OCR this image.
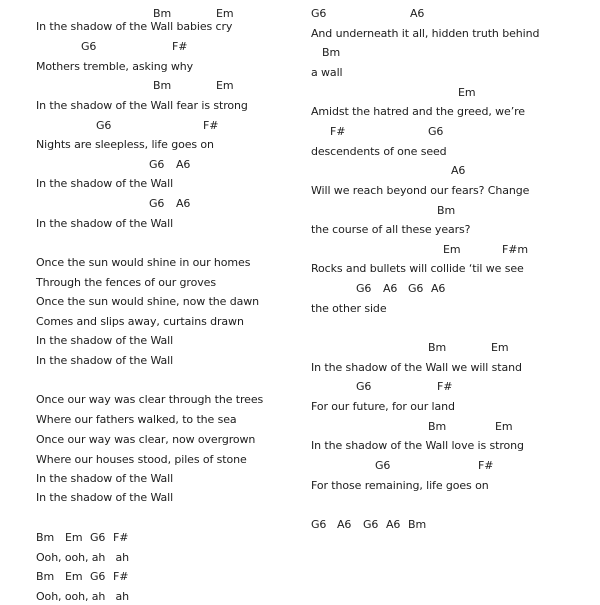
Bm	Em
In the shadow of the Wall babies cry
G6	F#
Mothers tremble, asking why
Bm	Em
In the shadow of the Wall fear is strong
G6	F#
Nights are sleepless, life goes on
G6 A6
In the shadow of the Wall
G6 A6
In the shadow of the Wall
Once the sun would shine in our homes
Through the fences of our groves
Once the sun would shine, now the dawn
Comes and slips away, curtains drawn
In the shadow of the Wall
In the shadow of the Wall
Once our way was clear through the trees
Where our fathers walked, to the sea
Once our way was clear, now overgrown
Where our houses stood, piles of stone
In the shadow of the Wall
In the shadow of the Wall
Bm Em G6 F#
Ooh, ooh, ah   ah
Bm Em G6 F#
Ooh, ooh, ah   ah
G6	A6
And underneath it all, hidden truth behind
Bm
a wall
Em
Amidst the hatred and the greed, we’re
F#	G6
descendents of one seed
A6
Will we reach beyond our fears? Change
Bm
the course of all these years?
Em	F#m
Rocks and bullets will collide ‘til we see
G6 A6 G6 A6
the other side
Bm	Em
In the shadow of the Wall we will stand
G6	F#
For our future, for our land
Bm	Em
In the shadow of the Wall love is strong
G6	F#
For those remaining, life goes on
G6 A6 G6 A6 Bm
